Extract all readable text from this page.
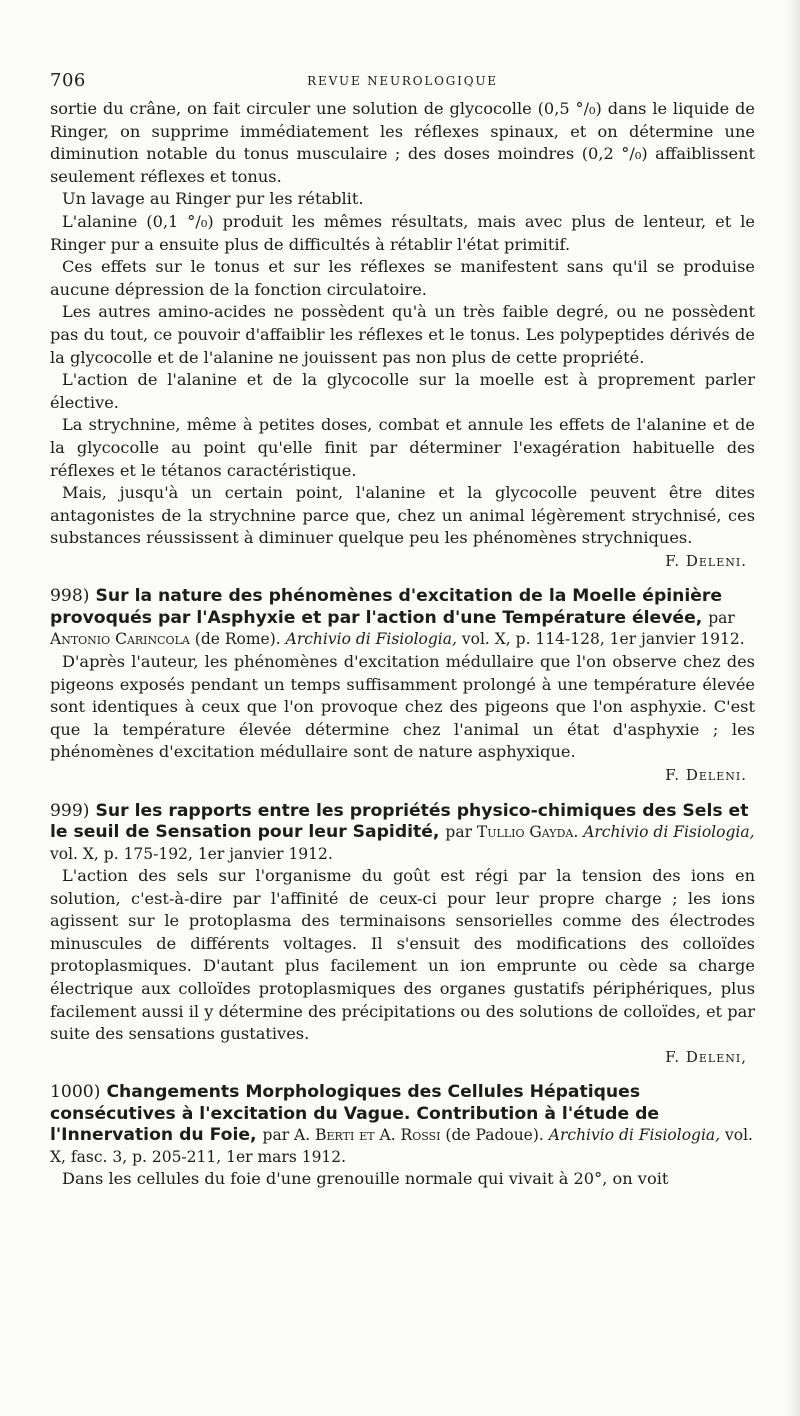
706	REVUE NEUROLOGIQUE

sortie du crâne, on fait circuler une solution de glycocolle (0,5 °/₀) dans le liquide de Ringer, on supprime immédiatement les réflexes spinaux, et on détermine une diminution notable du tonus musculaire ; des doses moindres (0,2 °/₀) affaiblissent seulement réflexes et tonus.

Un lavage au Ringer pur les rétablit.

L'alanine (0,1 °/₀) produit les mêmes résultats, mais avec plus de lenteur, et le Ringer pur a ensuite plus de difficultés à rétablir l'état primitif.

Ces effets sur le tonus et sur les réflexes se manifestent sans qu'il se produise aucune dépression de la fonction circulatoire.

Les autres amino-acides ne possèdent qu'à un très faible degré, ou ne possèdent pas du tout, ce pouvoir d'affaiblir les réflexes et le tonus. Les polypeptides dérivés de la glycocolle et de l'alanine ne jouissent pas non plus de cette propriété.

L'action de l'alanine et de la glycocolle sur la moelle est à proprement parler élective.

La strychnine, même à petites doses, combat et annule les effets de l'alanine et de la glycocolle au point qu'elle finit par déterminer l'exagération habituelle des réflexes et le tétanos caractéristique.

Mais, jusqu'à un certain point, l'alanine et la glycocolle peuvent être dites antagonistes de la strychnine parce que, chez un animal légèrement strychnisé, ces substances réussissent à diminuer quelque peu les phénomènes strychniques.

F. Deleni.

998) Sur la nature des phénomènes d'excitation de la Moelle épinière provoqués par l'Asphyxie et par l'action d'une Température élevée, par Antonio Carincola (de Rome). Archivio di Fisiologia, vol. X, p. 114-128, 1er janvier 1912.

D'après l'auteur, les phénomènes d'excitation médullaire que l'on observe chez des pigeons exposés pendant un temps suffisamment prolongé à une température élevée sont identiques à ceux que l'on provoque chez des pigeons que l'on asphyxie. C'est que la température élevée détermine chez l'animal un état d'asphyxie ; les phénomènes d'excitation médullaire sont de nature asphyxique.

F. Deleni.

999) Sur les rapports entre les propriétés physico-chimiques des Sels et le seuil de Sensation pour leur Sapidité, par Tullio Gayda. Archivio di Fisiologia, vol. X, p. 175-192, 1er janvier 1912.

L'action des sels sur l'organisme du goût est régi par la tension des ions en solution, c'est-à-dire par l'affinité de ceux-ci pour leur propre charge ; les ions agissent sur le protoplasma des terminaisons sensorielles comme des électrodes minuscules de différents voltages. Il s'ensuit des modifications des colloïdes protoplasmiques. D'autant plus facilement un ion emprunte ou cède sa charge électrique aux colloïdes protoplasmiques des organes gustatifs périphériques, plus facilement aussi il y détermine des précipitations ou des solutions de colloïdes, et par suite des sensations gustatives.

F. Deleni,

1000) Changements Morphologiques des Cellules Hépatiques consécutives à l'excitation du Vague. Contribution à l'étude de l'Innervation du Foie, par A. Berti et A. Rossi (de Padoue). Archivio di Fisiologia, vol. X, fasc. 3, p. 205-211, 1er mars 1912.

Dans les cellules du foie d'une grenouille normale qui vivait à 20°, on voit
